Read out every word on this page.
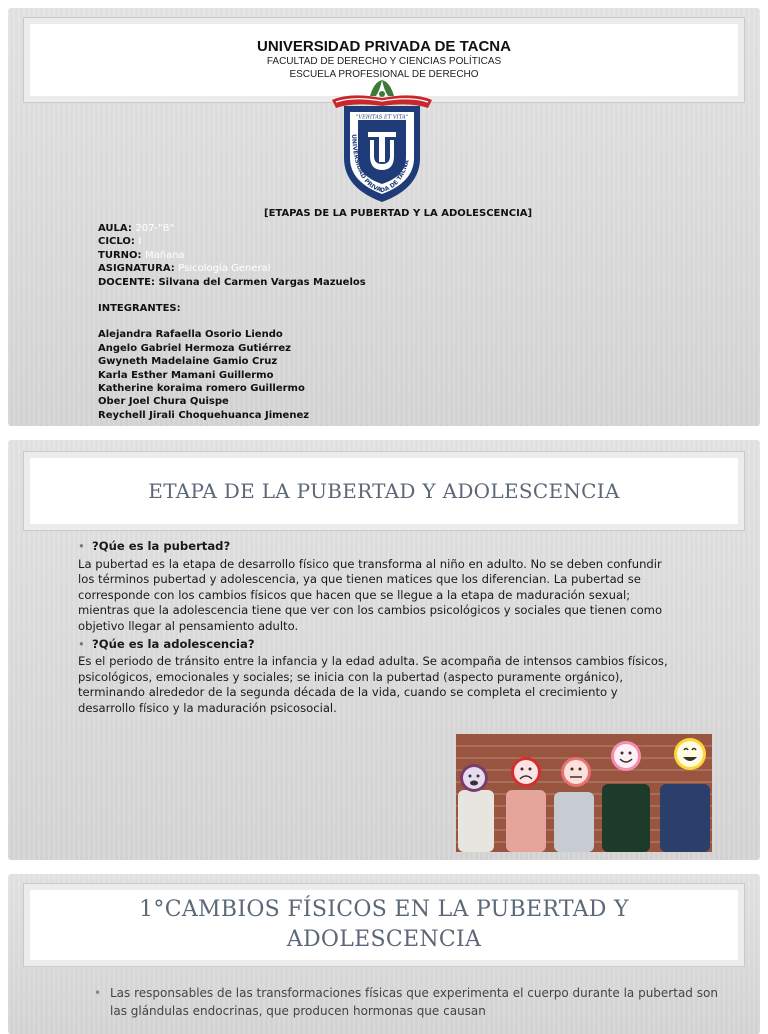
UNIVERSIDAD PRIVADA DE TACNA
FACULTAD DE DERECHO Y CIENCIAS POLÍTICAS
ESCUELA PROFESIONAL DE DERECHO
"VERITAS ET VITA"
UNIVERSIDAD PRIVADA DE TACNA
[ETAPAS DE LA PUBERTAD Y LA ADOLESCENCIA]
AULA: 207-"B"
CICLO: I
TURNO: Mañana
ASIGNATURA: Psicología General
DOCENTE: Silvana del Carmen Vargas Mazuelos
INTEGRANTES:
Alejandra Rafaella Osorio Liendo
Angelo Gabriel Hermoza Gutiérrez
Gwyneth Madelaine Gamio Cruz
Karla Esther Mamani Guillermo
Katherine koraima romero Guillermo
Ober Joel Chura Quispe
Reychell Jirali Choquehuanca Jimenez
ETAPA DE LA PUBERTAD Y ADOLESCENCIA
• ?Qúe es la pubertad?

La pubertad es la etapa de desarrollo físico que transforma al niño en adulto. No se deben confundir los términos pubertad y adolescencia, ya que tienen matices que los diferencian. La pubertad se corresponde con los cambios físicos que hacen que se llegue a la etapa de maduración sexual; mientras que la adolescencia tiene que ver con los cambios psicológicos y sociales que tienen como objetivo llegar al pensamiento adulto.

• ?Qúe es la adolescencia?

Es el periodo de tránsito entre la infancia y la edad adulta. Se acompaña de intensos cambios físicos,

psicológicos, emocionales y sociales; se inicia con la pubertad (aspecto puramente orgánico), terminando alrededor de la segunda década de la vida, cuando se completa el crecimiento y desarrollo físico y la maduración psicosocial.

1°CAMBIOS FÍSICOS EN LA PUBERTAD Y
ADOLESCENCIA
• Las responsables de las transformaciones físicas que experimenta el cuerpo durante la pubertad son las glándulas endocrinas, que producen hormonas que causan
